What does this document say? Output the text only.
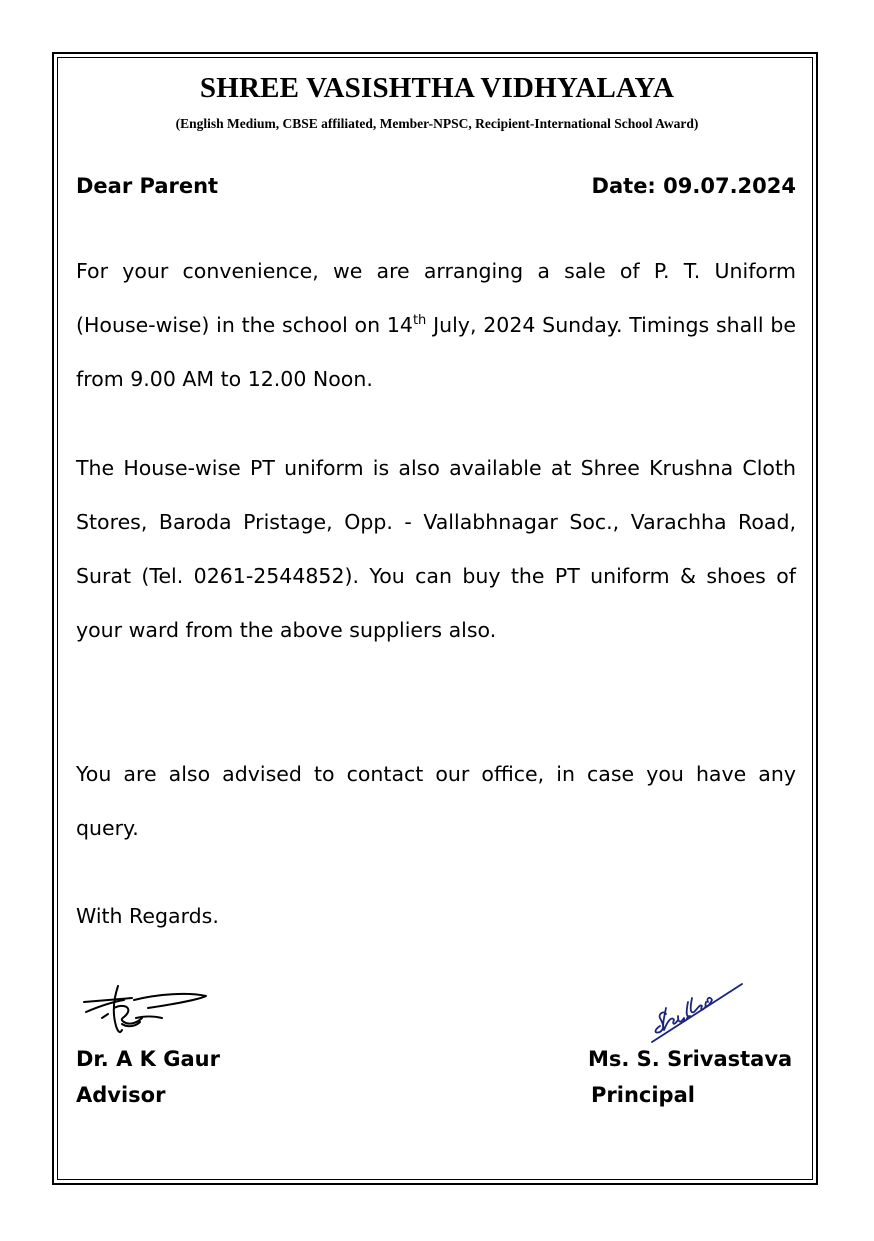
SHREE VASISHTHA VIDHYALAYA

(English Medium, CBSE affiliated, Member-NPSC, Recipient-International School Award)

Dear Parent	Date: 09.07.2024

For your convenience, we are arranging a sale of P. T. Uniform (House-wise) in the school on 14th July, 2024 Sunday. Timings shall be from 9.00 AM to 12.00 Noon.

The House-wise PT uniform is also available at Shree Krushna Cloth Stores, Baroda Pristage, Opp. - Vallabhnagar Soc., Varachha Road, Surat (Tel. 0261-2544852). You can buy the PT uniform & shoes of your ward from the above suppliers also.

You are also advised to contact our office, in case you have any query.

With Regards.
Dr. A K Gaur
Advisor
Ms. S. Srivastava
Principal
